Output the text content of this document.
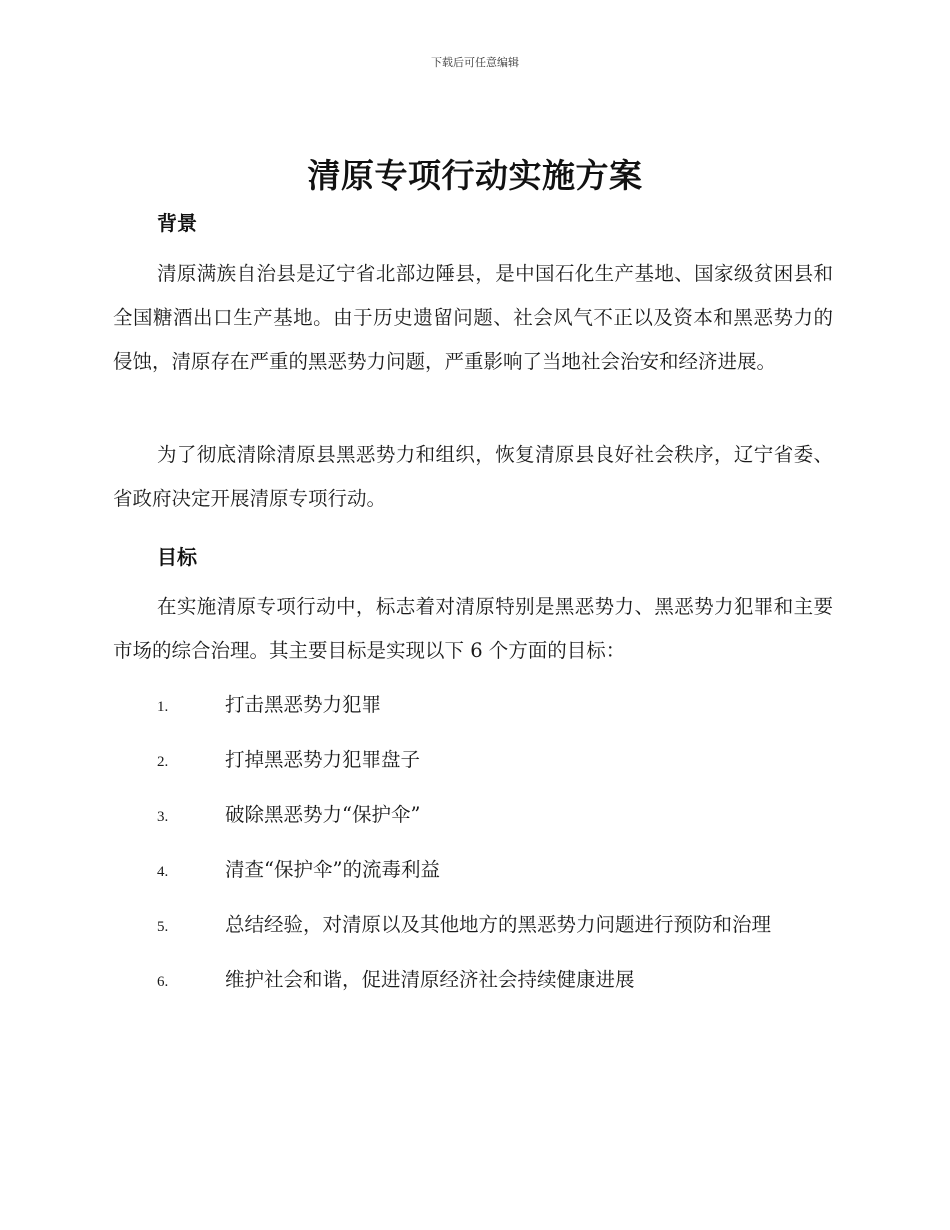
下载后可任意编辑
清原专项行动实施方案
背景
清原满族自治县是辽宁省北部边陲县，是中国石化生产基地、国家级贫困县和全国糖酒出口生产基地。由于历史遗留问题、社会风气不正以及资本和黑恶势力的侵蚀，清原存在严重的黑恶势力问题，严重影响了当地社会治安和经济进展。
为了彻底清除清原县黑恶势力和组织，恢复清原县良好社会秩序，辽宁省委、省政府决定开展清原专项行动。
目标
在实施清原专项行动中，标志着对清原特别是黑恶势力、黑恶势力犯罪和主要市场的综合治理。其主要目标是实现以下 6 个方面的目标：
1.	打击黑恶势力犯罪
2.	打掉黑恶势力犯罪盘子
3.	破除黑恶势力“保护伞”
4.	清查“保护伞”的流毒利益
5.	总结经验，对清原以及其他地方的黑恶势力问题进行预防和治理
6.	维护社会和谐，促进清原经济社会持续健康进展
